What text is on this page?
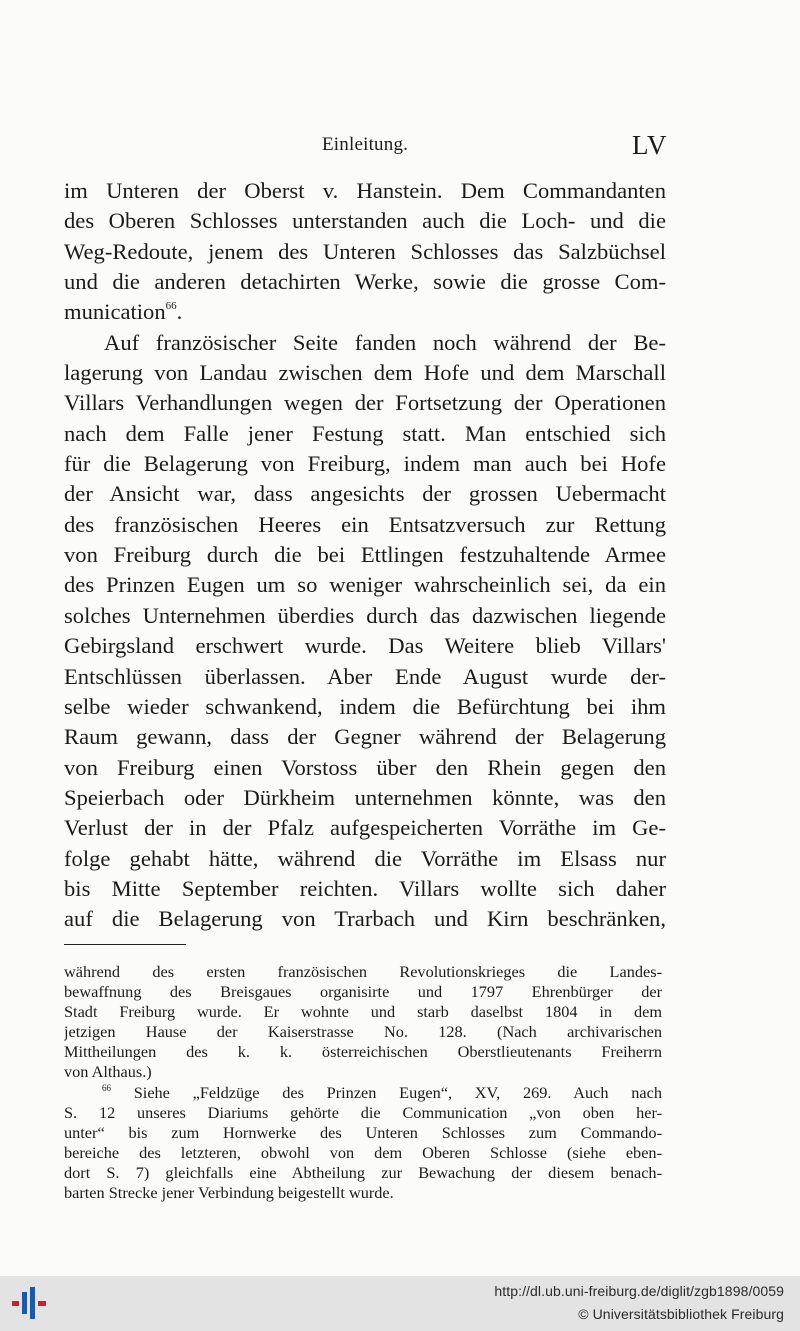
Einleitung.	LV
im Unteren der Oberst v. Hanstein. Dem Commandanten
des Oberen Schlosses unterstanden auch die Loch- und die
Weg-Redoute, jenem des Unteren Schlosses das Salzbüchsel
und die anderen detachirten Werke, sowie die grosse Com-
munication$^{66}$.
Auf französischer Seite fanden noch während der Be-
lagerung von Landau zwischen dem Hofe und dem Marschall
Villars Verhandlungen wegen der Fortsetzung der Operationen
nach dem Falle jener Festung statt. Man entschied sich
für die Belagerung von Freiburg, indem man auch bei Hofe
der Ansicht war, dass angesichts der grossen Uebermacht
des französischen Heeres ein Entsatzversuch zur Rettung
von Freiburg durch die bei Ettlingen festzuhaltende Armee
des Prinzen Eugen um so weniger wahrscheinlich sei, da ein
solches Unternehmen überdies durch das dazwischen liegende
Gebirgsland erschwert wurde. Das Weitere blieb Villars'
Entschlüssen überlassen. Aber Ende August wurde der-
selbe wieder schwankend, indem die Befürchtung bei ihm
Raum gewann, dass der Gegner während der Belagerung
von Freiburg einen Vorstoss über den Rhein gegen den
Speierbach oder Dürkheim unternehmen könnte, was den
Verlust der in der Pfalz aufgespeicherten Vorräthe im Ge-
folge gehabt hätte, während die Vorräthe im Elsass nur
bis Mitte September reichten. Villars wollte sich daher
auf die Belagerung von Trarbach und Kirn beschränken,
während des ersten französischen Revolutionskrieges die Landes-
bewaffnung des Breisgaues organisirte und 1797 Ehrenbürger der
Stadt Freiburg wurde. Er wohnte und starb daselbst 1804 in dem
jetzigen Hause der Kaiserstrasse No. 128. (Nach archivarischen
Mittheilungen des k. k. österreichischen Oberstlieutenants Freiherrn
von Althaus.)
$^{66}$ Siehe „Feldzüge des Prinzen Eugen“, XV, 269. Auch nach
S. 12 unseres Diariums gehörte die Communication „von oben her-
unter“ bis zum Hornwerke des Unteren Schlosses zum Commando-
bereiche des letzteren, obwohl von dem Oberen Schlosse (siehe eben-
dort S. 7) gleichfalls eine Abtheilung zur Bewachung der diesem benach-
barten Strecke jener Verbindung beigestellt wurde.
http://dl.ub.uni-freiburg.de/diglit/zgb1898/0059
© Universitätsbibliothek Freiburg
